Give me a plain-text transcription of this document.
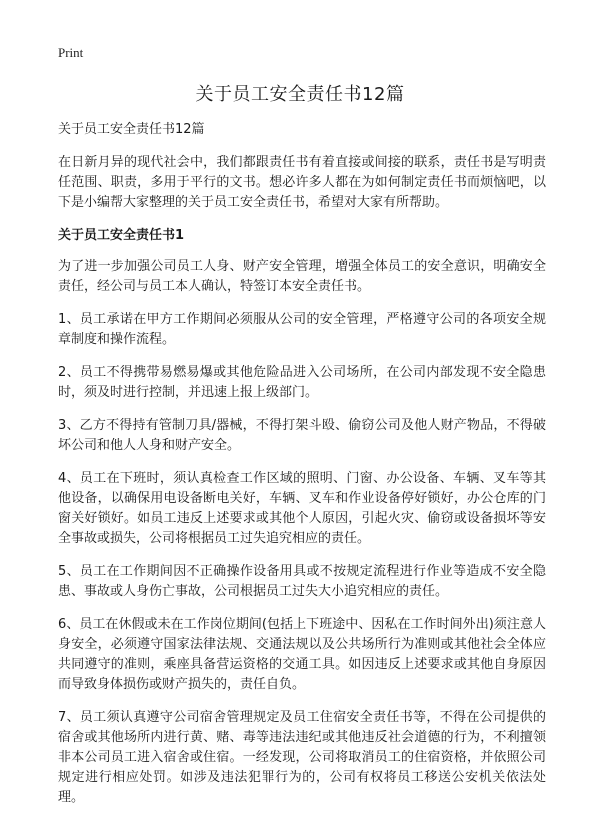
Print
关于员工安全责任书12篇

关于员工安全责任书12篇

在日新月异的现代社会中，我们都跟责任书有着直接或间接的联系，责任书是写明责任范围、职责，多用于平行的文书。想必许多人都在为如何制定责任书而烦恼吧，以下是小编帮大家整理的关于员工安全责任书，希望对大家有所帮助。

关于员工安全责任书1

为了进一步加强公司员工人身、财产安全管理，增强全体员工的安全意识，明确安全责任，经公司与员工本人确认，特签订本安全责任书。

1、员工承诺在甲方工作期间必须服从公司的安全管理，严格遵守公司的各项安全规章制度和操作流程。

2、员工不得携带易燃易爆或其他危险品进入公司场所，在公司内部发现不安全隐患时，须及时进行控制，并迅速上报上级部门。

3、乙方不得持有管制刀具/器械，不得打架斗殴、偷窃公司及他人财产物品，不得破坏公司和他人人身和财产安全。

4、员工在下班时，须认真检查工作区域的照明、门窗、办公设备、车辆、叉车等其他设备，以确保用电设备断电关好，车辆、叉车和作业设备停好锁好，办公仓库的门窗关好锁好。如员工违反上述要求或其他个人原因，引起火灾、偷窃或设备损坏等安全事故或损失，公司将根据员工过失追究相应的责任。

5、员工在工作期间因不正确操作设备用具或不按规定流程进行作业等造成不安全隐患、事故或人身伤亡事故，公司根据员工过失大小追究相应的责任。

6、员工在休假或未在工作岗位期间(包括上下班途中、因私在工作时间外出)须注意人身安全，必须遵守国家法律法规、交通法规以及公共场所行为准则或其他社会全体应共同遵守的准则，乘座具备营运资格的交通工具。如因违反上述要求或其他自身原因而导致身体损伤或财产损失的，责任自负。

7、员工须认真遵守公司宿舍管理规定及员工住宿安全责任书等，不得在公司提供的宿舍或其他场所内进行黄、赌、毒等违法违纪或其他违反社会道德的行为，不利擅领非本公司员工进入宿舍或住宿。一经发现，公司将取消员工的住宿资格，并依照公司规定进行相应处罚。如涉及违法犯罪行为的，公司有权将员工移送公安机关依法处理。
